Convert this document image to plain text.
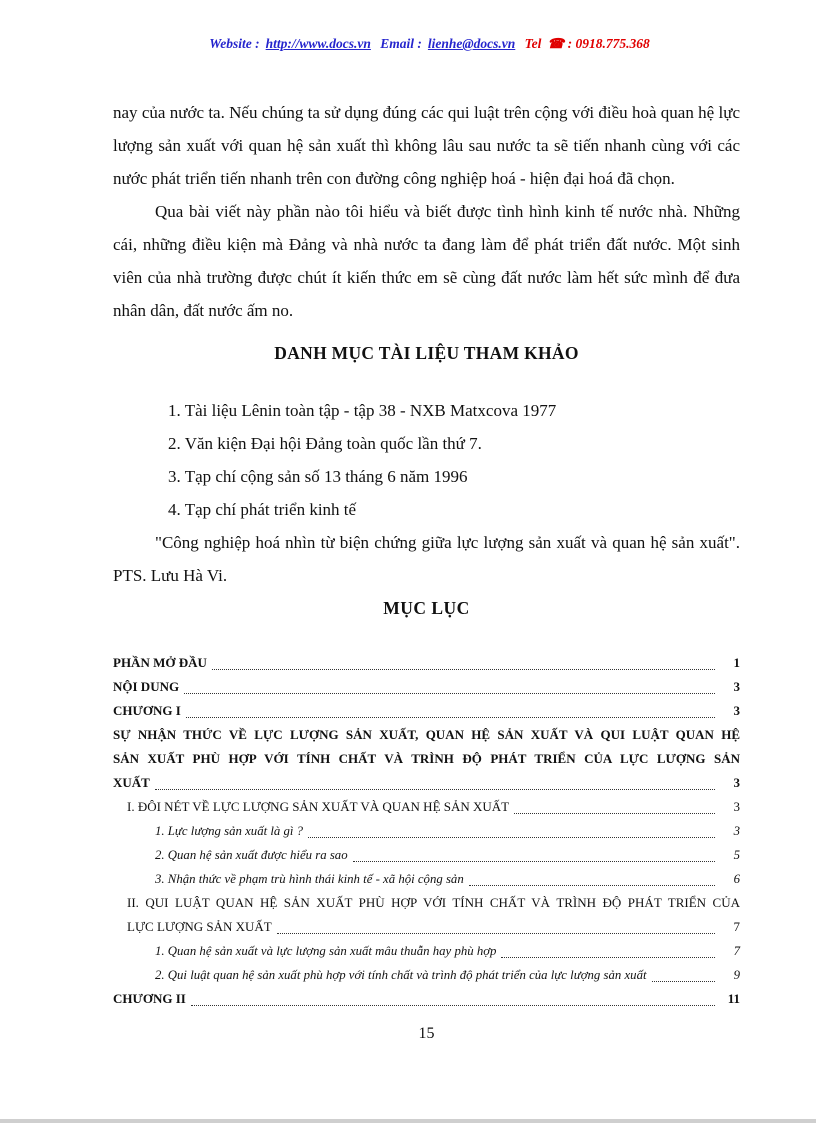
Website : http://www.docs.vn Email : lienhe@docs.vn Tel ☎ : 0918.775.368

nay của nước ta. Nếu chúng ta sử dụng đúng các qui luật trên cộng với điều hoà quan hệ lực lượng sản xuất với quan hệ sản xuất thì không lâu sau nước ta sẽ tiến nhanh cùng với các nước phát triển tiến nhanh trên con đường công nghiệp hoá - hiện đại hoá đã chọn.

Qua bài viết này phần nào tôi hiểu và biết được tình hình kinh tế nước nhà. Những cái, những điều kiện mà Đảng và nhà nước ta đang làm để phát triển đất nước. Một sinh viên của nhà trường được chút ít kiến thức em sẽ cùng đất nước làm hết sức mình để đưa nhân dân, đất nước ấm no.

DANH MỤC TÀI LIỆU THAM KHẢO
1. Tài liệu Lênin toàn tập - tập 38 - NXB Matxcova 1977
2. Văn kiện Đại hội Đảng toàn quốc lần thứ 7.
3. Tạp chí cộng sản số 13 tháng 6 năm 1996
4. Tạp chí phát triển kinh tế

"Công nghiệp hoá nhìn từ biện chứng giữa lực lượng sản xuất và quan hệ sản xuất". PTS. Lưu Hà Vi.

MỤC LỤC
PHẦN MỞ ĐẦU	1
NỘI DUNG	3
CHƯƠNG I	3
SỰ NHẬN THỨC VỀ LỰC LƯỢNG SẢN XUẤT, QUAN HỆ SẢN XUẤT VÀ QUI LUẬT QUAN HỆ
SẢN XUẤT PHÙ HỢP VỚI TÍNH CHẤT VÀ TRÌNH ĐỘ PHÁT TRIỂN CỦA LỰC LƯỢNG SẢN
XUẤT	3
I. ĐÔI NÉT VỀ LỰC LƯỢNG SẢN XUẤT VÀ QUAN HỆ SẢN XUẤT	3
1. Lực lượng sản xuất là gì ?	3
2. Quan hệ sản xuất được hiểu ra sao	5
3. Nhận thức về phạm trù hình thái kinh tế - xã hội cộng sản	6
II. QUI LUẬT QUAN HỆ SẢN XUẤT PHÙ HỢP VỚI TÍNH CHẤT VÀ TRÌNH ĐỘ PHÁT TRIỂN CỦA
LỰC LƯỢNG SẢN XUẤT	7
1. Quan hệ sản xuất và lực lượng sản xuất mâu thuẫn hay phù hợp	7
2. Qui luật quan hệ sản xuất phù hợp với tính chất và trình độ phát triển của lực lượng sản xuất	9
CHƯƠNG II	11
15
